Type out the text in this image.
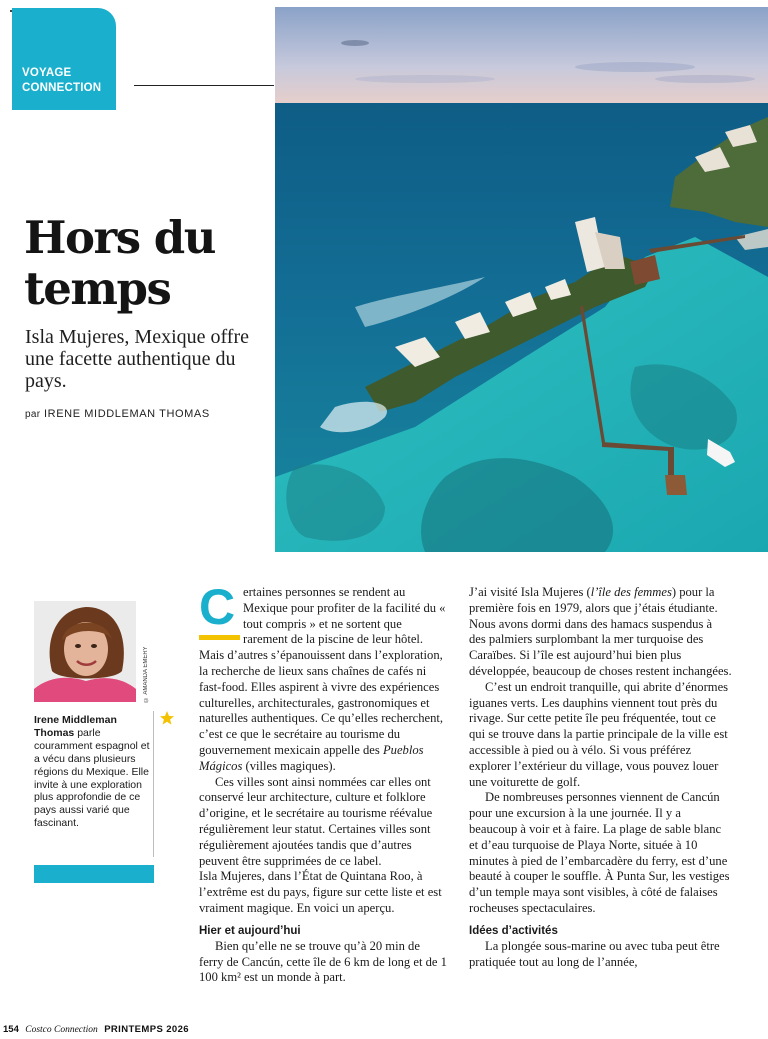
VOYAGE
CONNECTION
Hors du temps
Isla Mujeres, Mexique offre une facette authentique du pays.
par IRENE MIDDLEMAN THOMAS
© AMANDA EMERY
Irene Middleman Thomas parle couramment espagnol et a vécu dans plusieurs régions du Mexique. Elle invite à une exploration plus approfondie de ce pays aussi varié que fascinant.

Certaines personnes se rendent au Mexique pour profiter de la facilité du « tout compris » et ne sortent que rarement de la piscine de leur hôtel. Mais d’autres s’épanouissent dans l’exploration, la recherche de lieux sans chaînes de cafés ni fast-food. Elles aspirent à vivre des expériences culturelles, architecturales, gastronomiques et naturelles authentiques. Ce qu’elles recherchent, c’est ce que le secrétaire au tourisme du gouvernement mexicain appelle des Pueblos Mágicos (villes magiques).

Ces villes sont ainsi nommées car elles ont conservé leur architecture, culture et folklore d’origine, et le secrétaire au tourisme réévalue régulièrement leur statut. Certaines villes sont régulièrement ajoutées tandis que d’autres peuvent être supprimées de ce label.

Isla Mujeres, dans l’État de Quintana Roo, à l’extrême est du pays, figure sur cette liste et est vraiment magique. En voici un aperçu.

Hier et aujourd’hui

Bien qu’elle ne se trouve qu’à 20 min de ferry de Cancún, cette île de 6 km de long et de 1 100 km² est un monde à part.

J’ai visité Isla Mujeres (l’île des femmes) pour la première fois en 1979, alors que j’étais étudiante. Nous avons dormi dans des hamacs suspendus à des palmiers surplombant la mer turquoise des Caraïbes. Si l’île est aujourd’hui bien plus développée, beaucoup de choses restent inchangées.

C’est un endroit tranquille, qui abrite d’énormes iguanes verts. Les dauphins viennent tout près du rivage. Sur cette petite île peu fréquentée, tout ce qui se trouve dans la partie principale de la ville est accessible à pied ou à vélo. Si vous préférez explorer l’extérieur du village, vous pouvez louer une voiturette de golf.

De nombreuses personnes viennent de Cancún pour une excursion à la une journée. Il y a beaucoup à voir et à faire. La plage de sable blanc et d’eau turquoise de Playa Norte, située à 10 minutes à pied de l’embarcadère du ferry, est d’une beauté à couper le souffle. À Punta Sur, les vestiges d’un temple maya sont visibles, à côté de falaises rocheuses spectaculaires.

Idées d’activités

La plongée sous-marine ou avec tuba peut être pratiquée tout au long de l’année,

154 Costco Connection PRINTEMPS 2026
